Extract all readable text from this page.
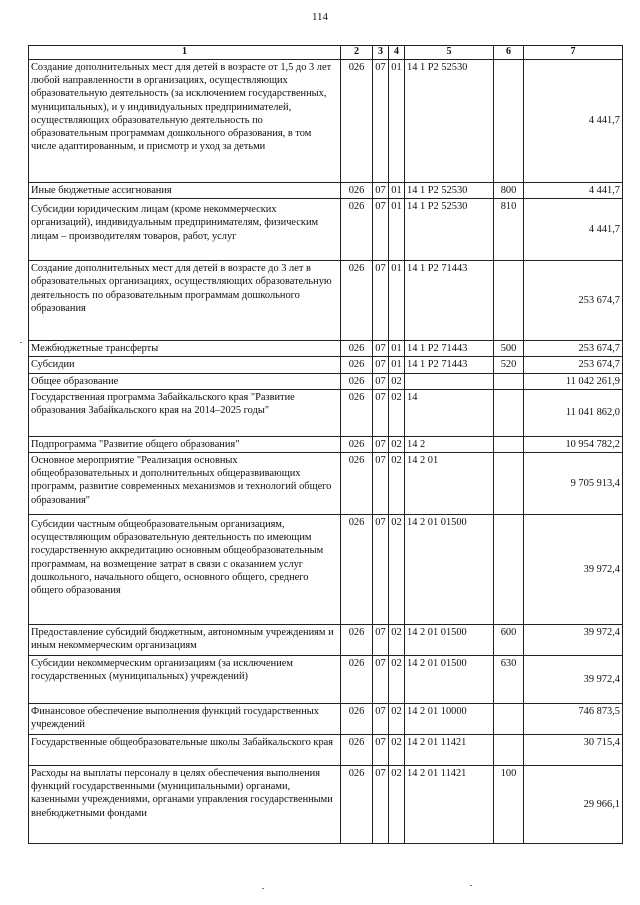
114
1	2	3	4	5	6	7
Создание дополнительных мест для детей в возрасте от 1,5 до 3 лет любой направленности в организациях, осуществляющих образовательную деятельность (за исключением государственных, муниципальных), и у индивидуальных предпринимателей, осуществляющих образовательную деятельность по образовательным программам дошкольного образования, в том числе адаптированным, и присмотр и уход за детьми	026	07	01	14 1 P2 52530		4 441,7
Иные бюджетные ассигнования	026	07	01	14 1 P2 52530	800	4 441,7
Субсидии юридическим лицам (кроме некоммерческих организаций), индивидуальным предпринимателям, физическим лицам – производителям товаров, работ, услуг	026	07	01	14 1 P2 52530	810	4 441,7
Создание дополнительных мест для детей в возрасте до 3 лет в образовательных организациях, осуществляющих образовательную деятельность по образовательным программам дошкольного образования	026	07	01	14 1 P2 71443		253 674,7
Межбюджетные трансферты	026	07	01	14 1 P2 71443	500	253 674,7
Субсидии	026	07	01	14 1 P2 71443	520	253 674,7
Общее образование	026	07	02			11 042 261,9
Государственная программа Забайкальского края "Развитие образования Забайкальского края на 2014–2025 годы"	026	07	02	14		11 041 862,0
Подпрограмма "Развитие общего образования"	026	07	02	14 2		10 954 782,2
Основное мероприятие "Реализация основных общеобразовательных и дополнительных общеразвивающих программ, развитие современных механизмов и технологий общего образования"	026	07	02	14 2 01		9 705 913,4
Субсидии частным общеобразовательным организациям, осуществляющим образовательную деятельность по имеющим государственную аккредитацию основным общеобразовательным программам, на возмещение затрат в связи с оказанием услуг дошкольного, начального общего, основного общего, среднего общего образования	026	07	02	14 2 01 01500		39 972,4
Предоставление субсидий бюджетным, автономным учреждениям и иным некоммерческим организациям	026	07	02	14 2 01 01500	600	39 972,4
Субсидии некоммерческим организациям (за исключением государственных (муниципальных) учреждений)	026	07	02	14 2 01 01500	630	39 972,4
Финансовое обеспечение выполнения функций государственных учреждений	026	07	02	14 2 01 10000		746 873,5
Государственные общеобразовательные школы Забайкальского края	026	07	02	14 2 01 11421		30 715,4
Расходы на выплаты персоналу в целях обеспечения выполнения функций государственными (муниципальными) органами, казенными учреждениями, органами управления государственными внебюджетными фондами	026	07	02	14 2 01 11421	100	29 966,1
